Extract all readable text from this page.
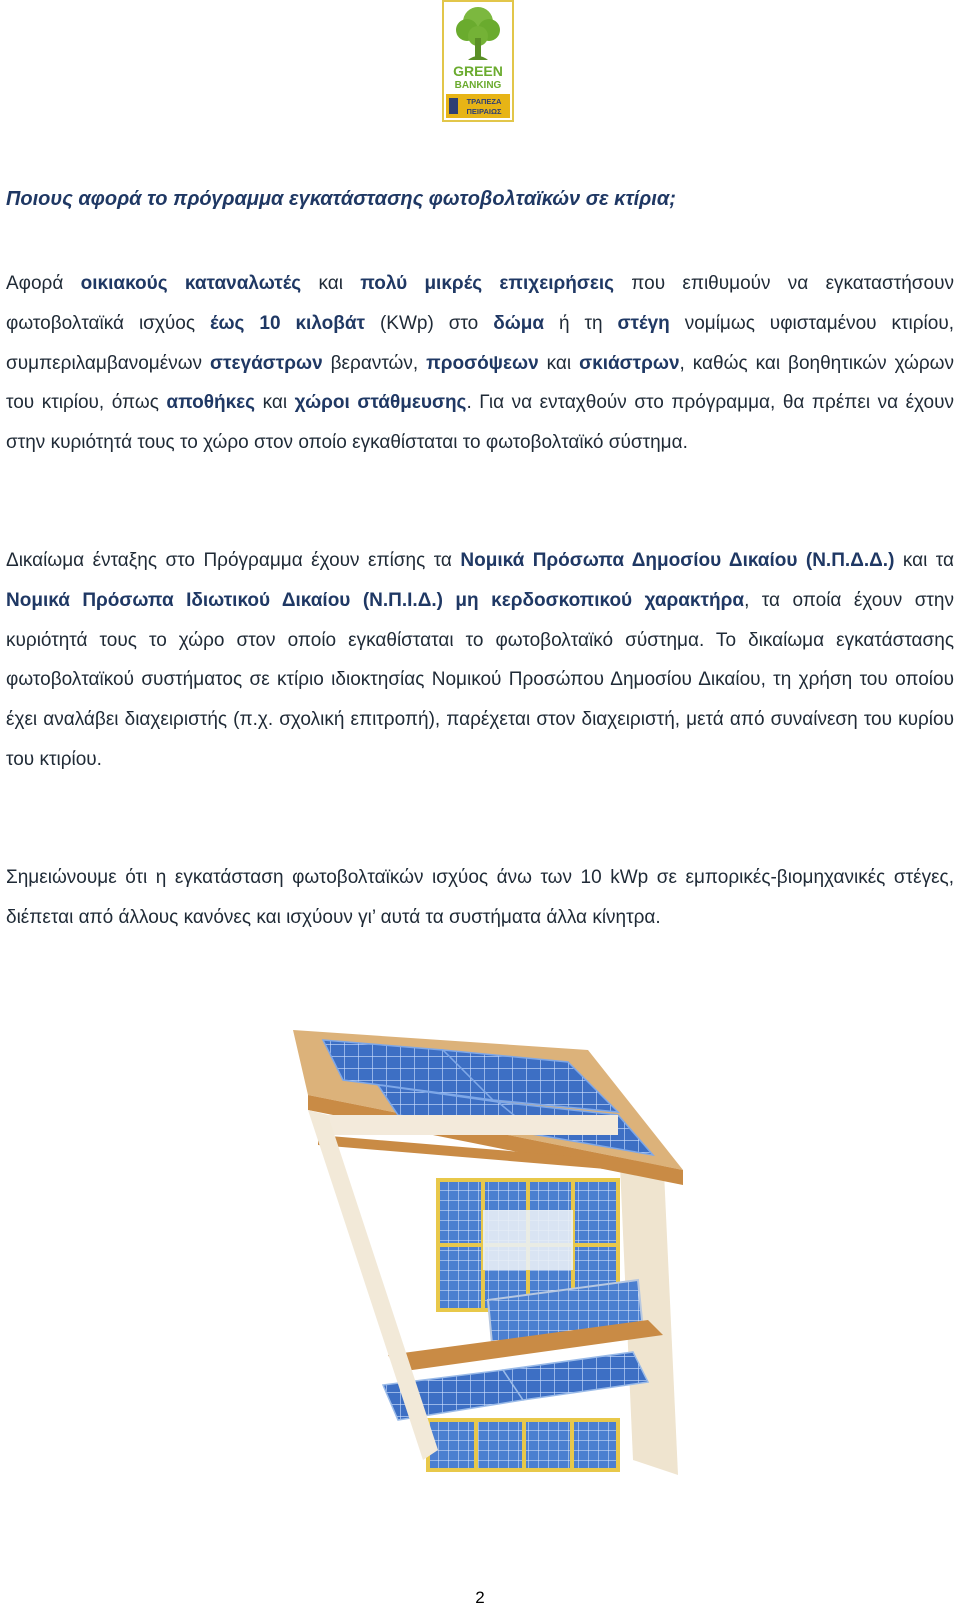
GREEN
BANKING
ΤΡΑΠΕΖΑ
ΠΕΙΡΑΙΩΣ
Ποιους αφορά το πρόγραμμα εγκατάστασης φωτοβολταϊκών σε κτίρια;

Αφορά οικιακούς καταναλωτές και πολύ μικρές επιχειρήσεις που επιθυμούν να εγκαταστήσουν φωτοβολταϊκά ισχύος έως 10 κιλοβάτ (KWp) στο δώμα ή τη στέγη νομίμως υφισταμένου κτιρίου, συμπεριλαμβανομένων στεγάστρων βεραντών, προσόψεων και σκιάστρων, καθώς και βοηθητικών χώρων του κτιρίου, όπως αποθήκες και χώροι στάθμευσης. Για να ενταχθούν στο πρόγραμμα, θα πρέπει να έχουν στην κυριότητά τους το χώρο στον οποίο εγκαθίσταται το φωτοβολταϊκό σύστημα.

Δικαίωμα ένταξης στο Πρόγραμμα έχουν επίσης τα Νομικά Πρόσωπα Δημοσίου Δικαίου (Ν.Π.Δ.Δ.) και τα Νομικά Πρόσωπα Ιδιωτικού Δικαίου (Ν.Π.Ι.Δ.) μη κερδοσκοπικού χαρακτήρα, τα οποία έχουν στην κυριότητά τους το χώρο στον οποίο εγκαθίσταται το φωτοβολταϊκό σύστημα. Το δικαίωμα εγκατάστασης φωτοβολταϊκού συστήματος σε κτίριο ιδιοκτησίας Νομικού Προσώπου Δημοσίου Δικαίου, τη χρήση του οποίου έχει αναλάβει διαχειριστής (π.χ. σχολική επιτροπή), παρέχεται στον διαχειριστή, μετά από συναίνεση του κυρίου του κτιρίου.

Σημειώνουμε ότι η εγκατάσταση φωτοβολταϊκών ισχύος άνω των 10 kWp σε εμπορικές-βιομηχανικές στέγες, διέπεται από άλλους κανόνες και ισχύουν γι’ αυτά τα συστήματα άλλα κίνητρα.

2
